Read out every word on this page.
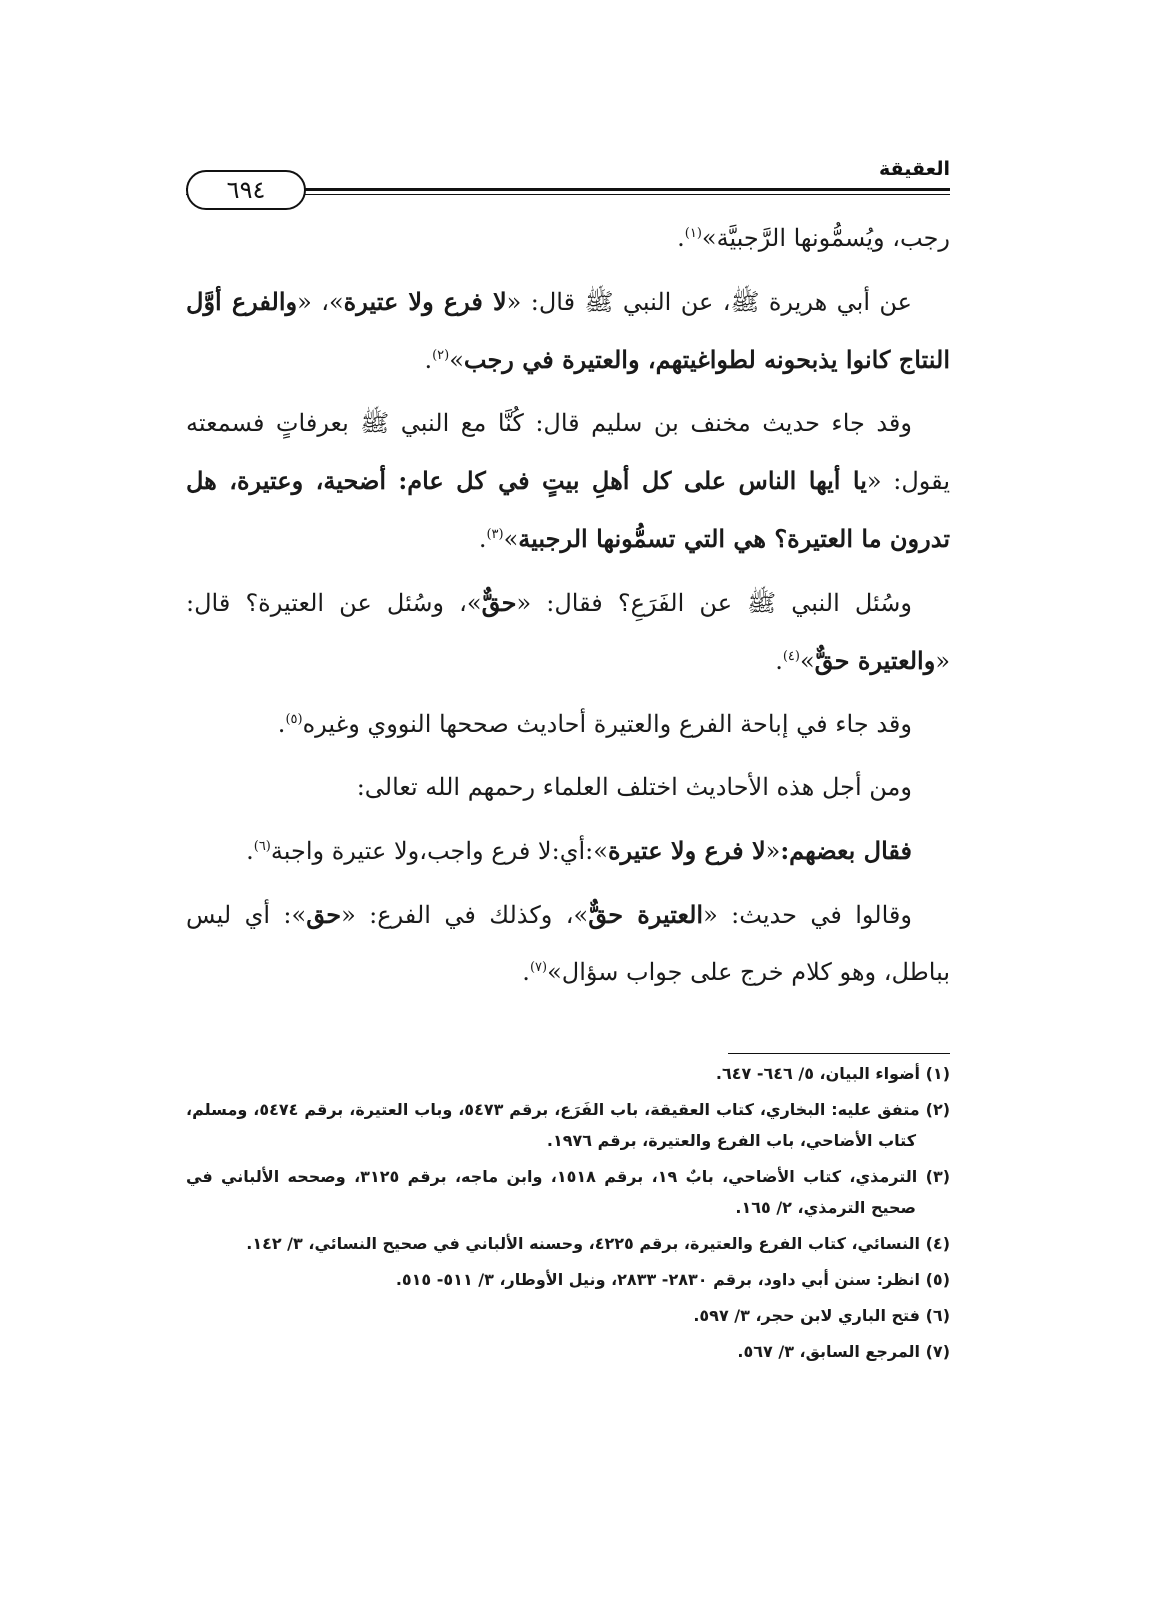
العقيقة
٦٩٤

رجب، ويُسمُّونها الرَّجبيَّة»$^{(١)}$.

عن أبي هريرة ﷺ، عن النبي ﷺ قال: «لا فرع ولا عتيرة»، «والفرع أوَّل النتاج كانوا يذبحونه لطواغيتهم، والعتيرة في رجب»$^{(٢)}$.

وقد جاء حديث مخنف بن سليم قال: كُنَّا مع النبي ﷺ بعرفاتٍ فسمعته يقول: «يا أيها الناس على كل أهلِ بيتٍ في كل عام: أضحية، وعتيرة، هل تدرون ما العتيرة؟ هي التي تسمُّونها الرجبية»$^{(٣)}$.

وسُئل النبي ﷺ عن الفَرَعِ؟ فقال: «حقٌّ»، وسُئل عن العتيرة؟ قال: «والعتيرة حقٌّ»$^{(٤)}$.

وقد جاء في إباحة الفرع والعتيرة أحاديث صححها النووي وغيره$^{(٥)}$.

ومن أجل هذه الأحاديث اختلف العلماء رحمهم الله تعالى:

فقال بعضهم:«لا فرع ولا عتيرة»:أي:لا فرع واجب،ولا عتيرة واجبة$^{(٦)}$.

وقالوا في حديث: «العتيرة حقٌّ»، وكذلك في الفرع: «حق»: أي ليس بباطل، وهو كلام خرج على جواب سؤال»$^{(٧)}$.

(١) أضواء البيان، ٥/ ٦٤٦- ٦٤٧.
(٢) متفق عليه: البخاري، كتاب العقيقة، باب الفَرَع، برقم ٥٤٧٣، وباب العتيرة، برقم ٥٤٧٤، ومسلم، كتاب الأضاحي، باب الفرع والعتيرة، برقم ١٩٧٦.
(٣) الترمذي، كتاب الأضاحي، بابٌ ١٩، برقم ١٥١٨، وابن ماجه، برقم ٣١٢٥، وصححه الألباني في صحيح الترمذي، ٢/ ١٦٥.
(٤) النسائي، كتاب الفرع والعتيرة، برقم ٤٢٢٥، وحسنه الألباني في صحيح النسائي، ٣/ ١٤٢.
(٥) انظر: سنن أبي داود، برقم ٢٨٣٠- ٢٨٣٣، ونيل الأوطار، ٣/ ٥١١- ٥١٥.
(٦) فتح الباري لابن حجر، ٣/ ٥٩٧.
(٧) المرجع السابق، ٣/ ٥٦٧.
